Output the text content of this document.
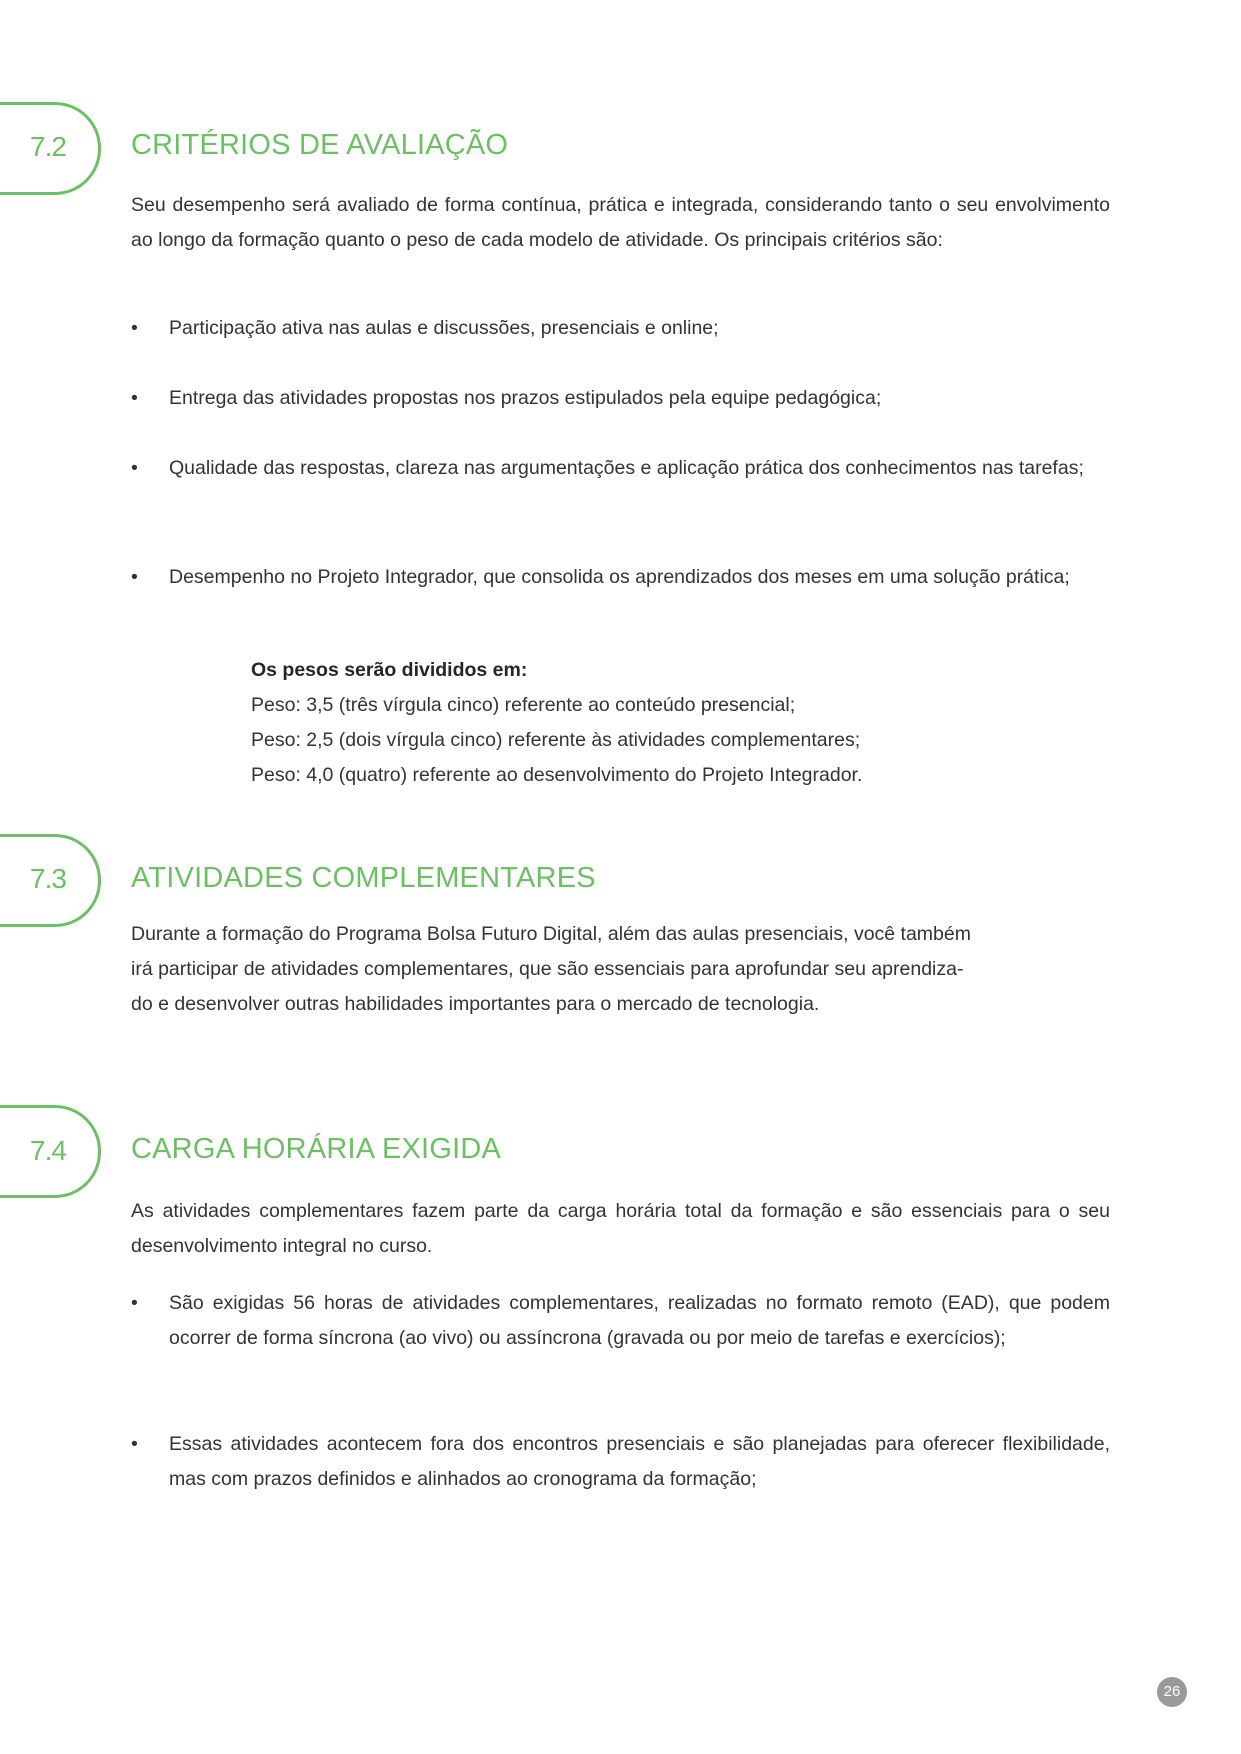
7.2	CRITÉRIOS DE AVALIAÇÃO
Seu desempenho será avaliado de forma contínua, prática e integrada, considerando tanto o seu envolvimento ao longo da formação quanto o peso de cada modelo de atividade. Os principais critérios são:
• Participação ativa nas aulas e discussões, presenciais e online;
• Entrega das atividades propostas nos prazos estipulados pela equipe pedagógica;
• Qualidade das respostas, clareza nas argumentações e aplicação prática dos conhecimentos nas tarefas;
• Desempenho no Projeto Integrador, que consolida os aprendizados dos meses em uma solução prática;
Os pesos serão divididos em:
Peso: 3,5 (três vírgula cinco) referente ao conteúdo presencial;
Peso: 2,5 (dois vírgula cinco) referente às atividades complementares;
Peso: 4,0 (quatro) referente ao desenvolvimento do Projeto Integrador.
7.3	ATIVIDADES COMPLEMENTARES
Durante a formação do Programa Bolsa Futuro Digital, além das aulas presenciais, você também
irá participar de atividades complementares, que são essenciais para aprofundar seu aprendiza-
do e desenvolver outras habilidades importantes para o mercado de tecnologia.
7.4	CARGA HORÁRIA EXIGIDA
As atividades complementares fazem parte da carga horária total da formação e são essenciais para o seu desenvolvimento integral no curso.
• São exigidas 56 horas de atividades complementares, realizadas no formato remoto (EAD), que podem ocorrer de forma síncrona (ao vivo) ou assíncrona (gravada ou por meio de tarefas e exercícios);
• Essas atividades acontecem fora dos encontros presenciais e são planejadas para oferecer flexibilidade, mas com prazos definidos e alinhados ao cronograma da formação;
26
